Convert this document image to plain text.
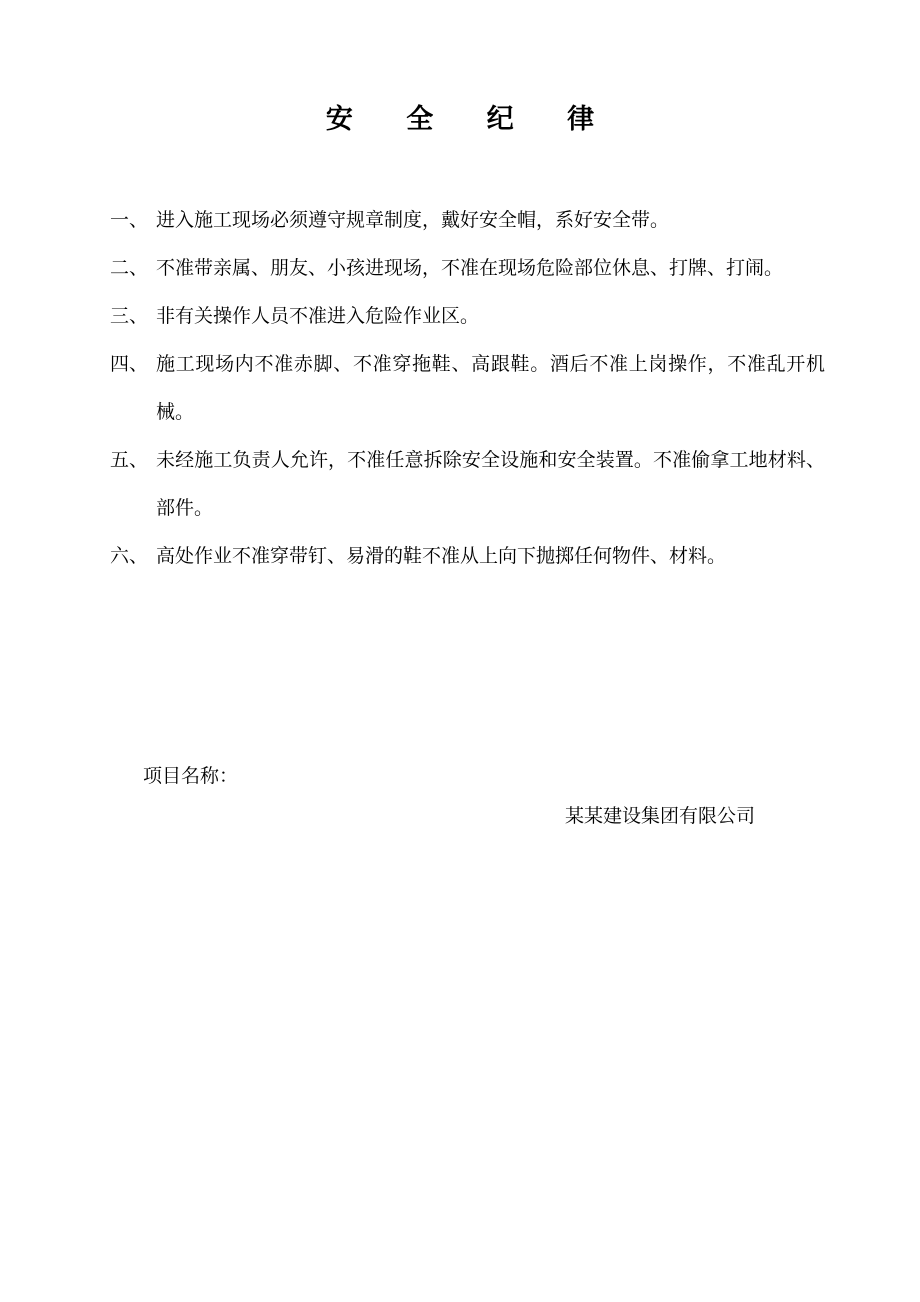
安 全 纪 律
一、 进入施工现场必须遵守规章制度，戴好安全帽，系好安全带。
二、 不准带亲属、朋友、小孩进现场，不准在现场危险部位休息、打牌、打闹。
三、 非有关操作人员不准进入危险作业区。
四、 施工现场内不准赤脚、不准穿拖鞋、高跟鞋。酒后不准上岗操作，不准乱开机械。
五、 未经施工负责人允许，不准任意拆除安全设施和安全装置。不准偷拿工地材料、部件。
六、 高处作业不准穿带钉、易滑的鞋不准从上向下抛掷任何物件、材料。
项目名称：
某某建设集团有限公司
